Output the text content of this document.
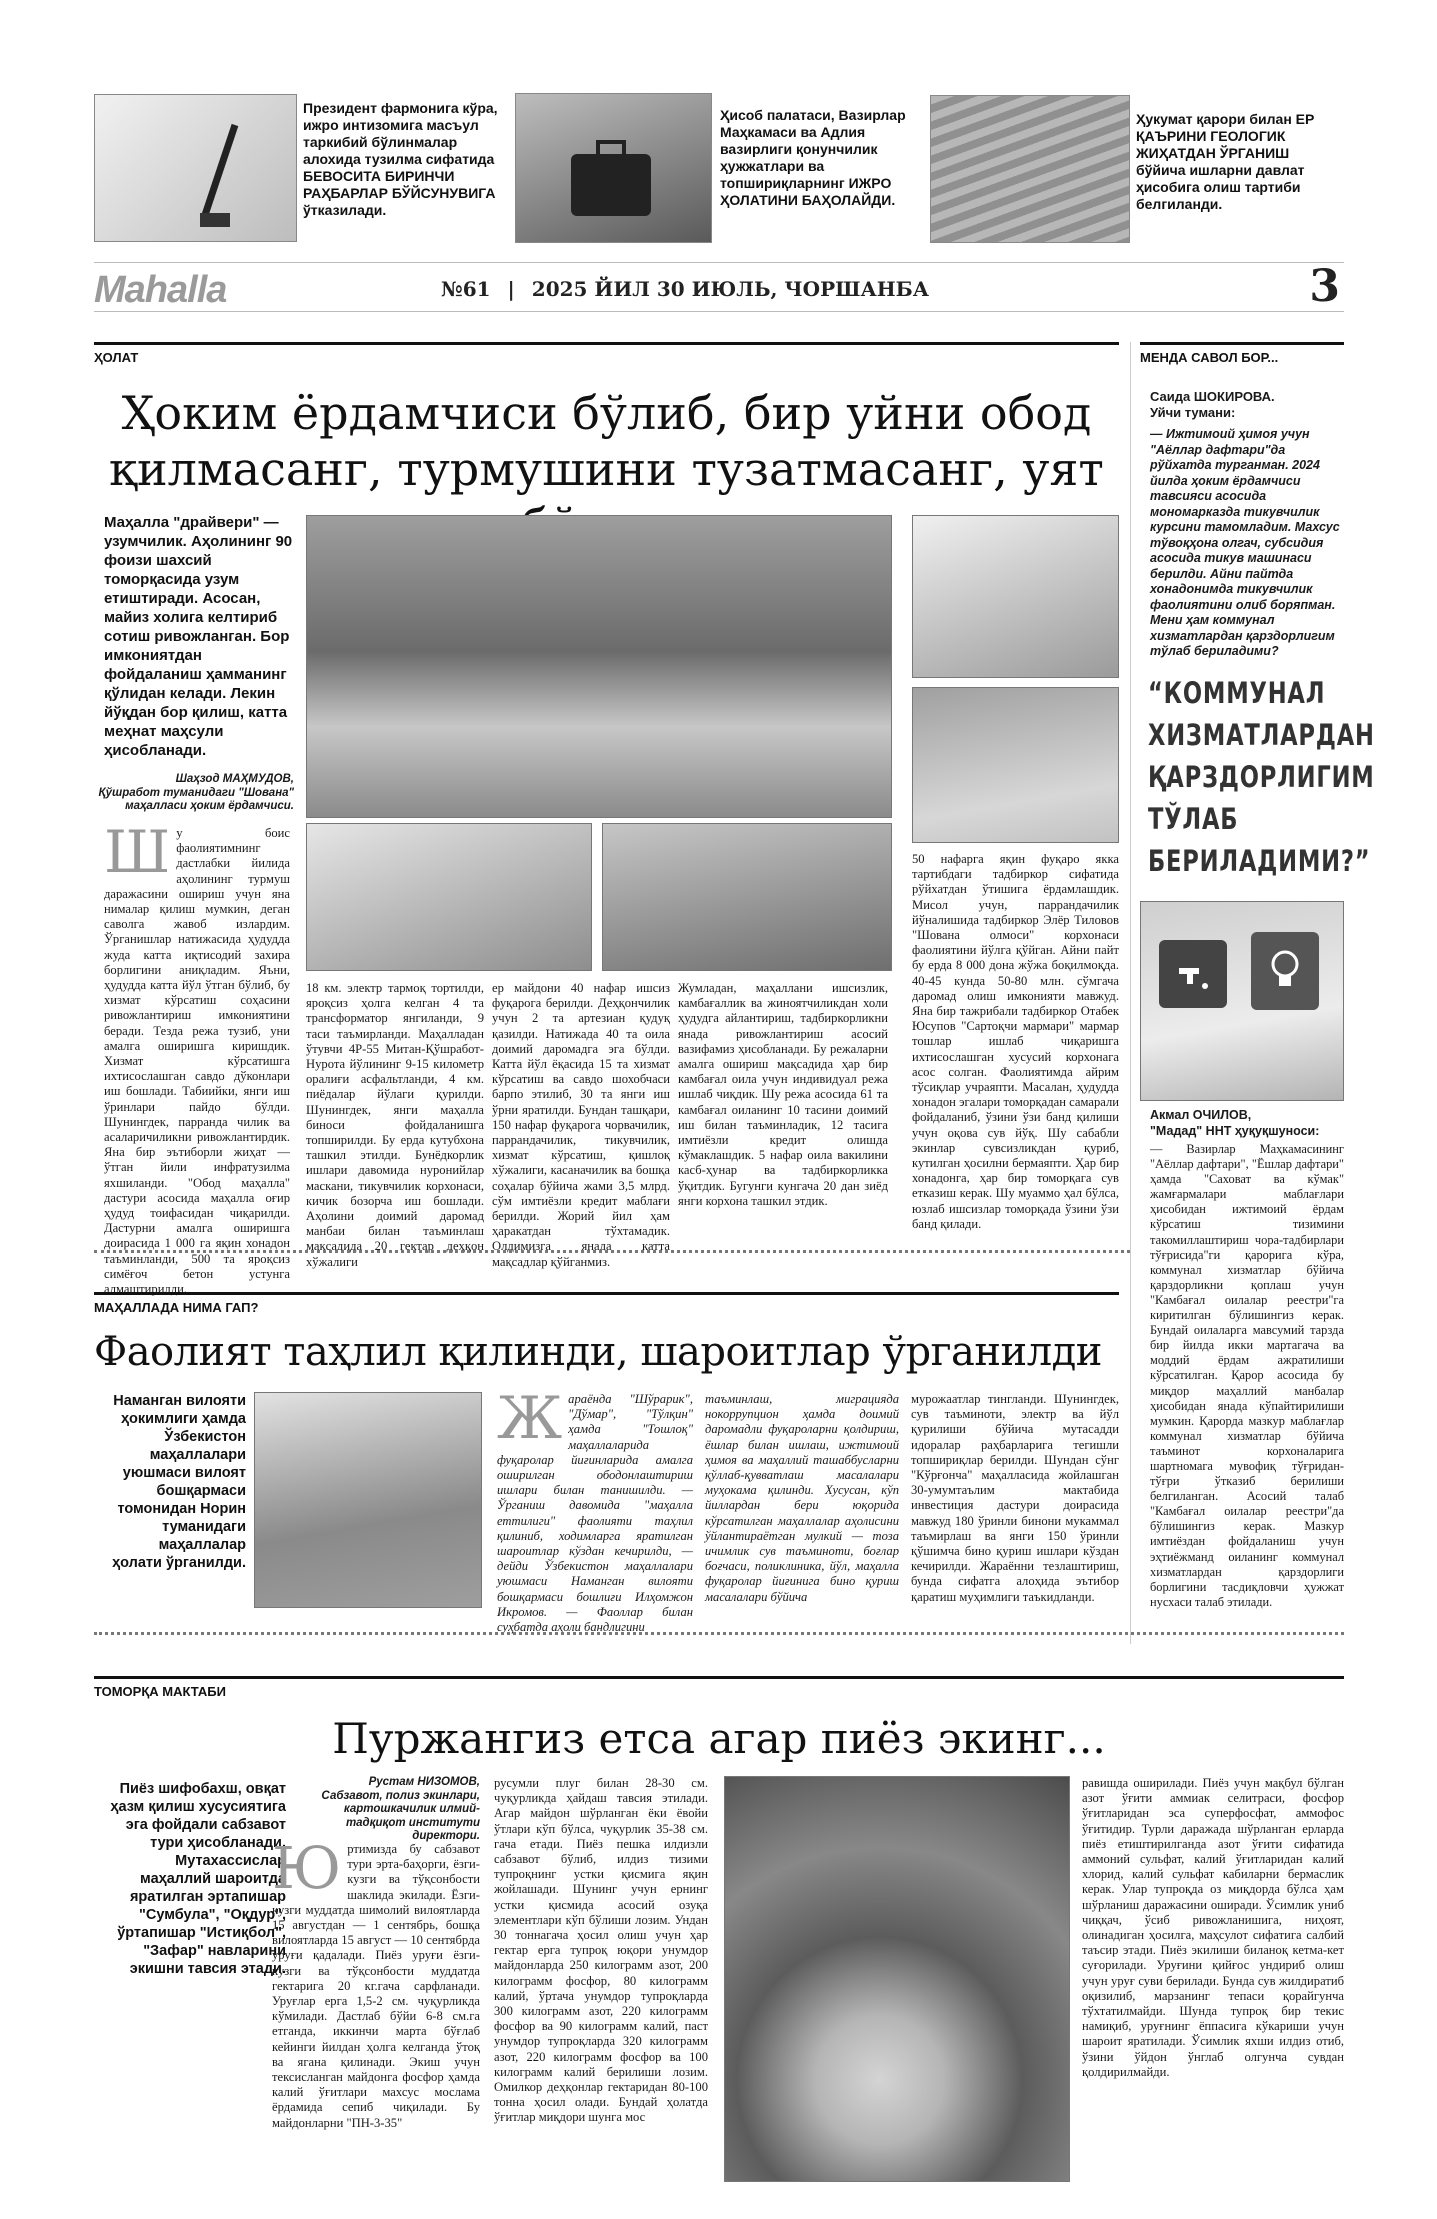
Президент фармонига кўра, ижро интизомига масъул таркибий бўлинмалар алохида тузилма сифатида БЕВОСИТА БИРИНЧИ РАҲБАРЛАР БЎЙСУНУВИГА ўтказилади.
Ҳисоб палатаси, Вазирлар Маҳкамаси ва Адлия вазирлиги қонунчилик ҳужжатлари ва топшириқларнинг ИЖРО ҲОЛАТИНИ БАҲОЛАЙДИ.
Ҳукумат қарори билан ЕР ҚАЪРИНИ ГЕОЛОГИК ЖИҲАТДАН ЎРГАНИШ бўйича ишларни давлат ҳисобига олиш тартиби белгиланди.
Mahalla	№61 | 2025 ЙИЛ 30 ИЮЛЬ, ЧОРШАНБА	3
ҲОЛАТ
Ҳоким ёрдамчиси бўлиб, бир уйни обод
қилмасанг, турмушини тузатмасанг, уят
Маҳалла "драйвери" — узумчилик. Аҳолининг 90 фоизи шахсий томорқасида узум етиштиради. Асосан, майиз холига келтириб сотиш ривожланган. Бор имкониятдан фойдаланиш ҳамманинг қўлидан келади. Лекин йўқдан бор қилиш, катта меҳнат маҳсули ҳисобланади.
Шаҳзод МАҲМУДОВ,
Қўшработ туманидаги "Шована" маҳалласи ҳоким ёрдамчиси.
Шу боис фаолиятимнинг дастлабки йилида аҳолининг турмуш даражасини ошириш учун яна нималар қилиш мумкин, деган саволга жавоб излардим. Ўрганишлар натижасида ҳудудда жуда катта иқтисодий захира борлигини аниқладим. Яъни, ҳудудда катта йўл ўтган бўлиб, бу хизмат кўрсатиш соҳасини ривожлантириш имкониятини беради. Тезда режа тузиб, уни амалга оширишга киришдик. Хизмат кўрсатишга ихтисослашган савдо дўконлари иш бошлади. Табиийки, янги иш ўринлари пайдо бўлди. Шунингдек, парранда чилик ва асаларичиликни ривожлантирдик. Яна бир эътиборли жиҳат — ўтган йили инфратузилма яхшиланди. "Обод маҳалла" дастури асосида маҳалла оғир ҳудуд тоифасидан чиқарилди. Дастурни амалга оширишга доирасида 1 000 га яқин хонадон таъминланди, 500 та яроқсиз симёғоч бетон устунга алмаштирилди.
18 км. электр тармоқ тортилди, яроқсиз ҳолга келган 4 та трансформатор янгиланди, 9 таси таъмирланди. Маҳалладан ўтувчи 4Р-55 Митан-Қўшработ-Нурота йўлининг 9-15 километр оралиғи асфальтланди, 4 км. пиёдалар йўлаги қурилди. Шунингдек, янги маҳалла биноси фойдаланишга топширилди. Бу ерда кутубхона ташкил этилди. Бунёдкорлик ишлари давомида нуронийлар маскани, тикувчилик корхонаси, кичик бозорча иш бошлади. Аҳолини доимий даромад манбаи билан таъминлаш мақсадида 20 гектар деҳқон хўжалиги
ер майдони 40 нафар ишсиз фуқарога берилди. Деҳқончилик учун 2 та артезиан қудуқ қазилди. Натижада 40 та оила доимий даромадга эга бўлди. Катта йўл ёқасида 15 та хизмат кўрсатиш ва савдо шохобчаси барпо этилиб, 30 та янги иш ўрни яратилди. Бундан ташқари, 150 нафар фуқарога чорвачилик, паррандачилик, тикувчилик, хизмат кўрсатиш, қишлоқ хўжалиги, касаначилик ва бошқа соҳалар бўйича жами 3,5 млрд. сўм имтиёзли кредит маблағи берилди. Жорий йил ҳам ҳаракатдан тўхтамадик. Олдимизга янада катта мақсадлар қўйганмиз.
Жумладан, маҳаллани ишсизлик, камбағаллик ва жиноятчиликдан холи ҳудудга айлантириш, тадбиркорликни янада ривожлантириш асосий вазифамиз ҳисобланади. Бу режаларни амалга ошириш мақсадида ҳар бир камбағал оила учун индивидуал режа ишлаб чиқдик. Шу режа асосида 61 та камбағал оиланинг 10 тасини доимий иш билан таъминладик, 12 тасига имтиёзли кредит олишда кўмаклашдик. 5 нафар оила вакилини касб-ҳунар ва тадбиркорликка ўқитдик. Бугунги кунгача 20 дан зиёд янги корхона ташкил этдик.
50 нафарга яқин фуқаро якка тартибдаги тадбиркор сифатида рўйхатдан ўтишига ёрдамлашдик. Мисол учун, паррандачилик йўналишида тадбиркор Элёр Тиловов "Шована олмоси" корхонаси фаолиятини йўлга қўйган. Айни пайт бу ерда 8 000 дона жўжа боқилмоқда. 40-45 кунда 50-80 млн. сўмгача даромад олиш имконияти мавжуд. Яна бир тажрибали тадбиркор Отабек Юсупов "Сартоқчи мармари" мармар тошлар ишлаб чиқаришга ихтисослашган хусусий корхонага асос солган. Фаолиятимда айрим тўсиқлар учраяпти. Масалан, ҳудудда хонадон эгалари томорқадан самарали фойдаланиб, ўзини ўзи банд қилиши учун оқова сув йўқ. Шу сабабли экинлар сувсизликдан қуриб, кутилган ҳосилни бермаяпти. Ҳар бир хонадонга, ҳар бир томорқага сув етказиш керак. Шу муаммо ҳал бўлса, юзлаб ишсизлар томорқада ўзини ўзи банд қилади.
МЕНДА САВОЛ БОР...
Саида ШОКИРОВА.
Уйчи тумани:
— Ижтимоий ҳимоя учун "Аёллар дафтари"да рўйхатда турганман. 2024 йилда ҳоким ёрдамчиси тавсияси асосида мономарказда тикувчилик курсини тамомладим. Махсус тўвоқҳона олгач, субсидия асосида тикув машинаси берилди. Айни пайтда хонадонимда тикувчилик фаолиятини олиб боряпман. Мени ҳам коммунал хизматлардан қарздорлигим тўлаб бериладими?
“КОММУНАЛ ХИЗМАТЛАРДАН ҚАРЗДОРЛИГИМ ТЎЛАБ БЕРИЛАДИМИ?”
Акмал ОЧИЛОВ,
"Мадад" ННТ ҳуқуқшуноси:
— Вазирлар Маҳкамасининг "Аёллар дафтари", "Ёшлар дафтари" ҳамда "Саховат ва кўмак" жамғармалари маблағлари ҳисобидан ижтимоий ёрдам кўрсатиш тизимини такомиллаштириш чора-тадбирлари тўғрисида"ги қарорига кўра, коммунал хизматлар бўйича қарздорликни қоплаш учун "Камбағал оилалар реестри"га киритилган бўлишингиз керак. Бундай оилаларга мавсумий тарзда бир йилда икки мартагача ва моддий ёрдам ажратилиши кўрсатилган. Қарор асосида бу миқдор маҳаллий манбалар ҳисобидан янада кўпайтирилиши мумкин. Қарорда мазкур маблағлар коммунал хизматлар бўйича таъминот корхоналарига шартномага мувофиқ тўғридан-тўғри ўтказиб берилиши белгиланган. Асосий талаб "Камбағал оилалар реестри"да бўлишингиз керак. Мазкур имтиёздан фойдаланиш учун эҳтиёжманд оиланинг коммунал хизматлардан қарздорлиги борлигини тасдиқловчи ҳужжат нусхаси талаб этилади.
МАҲАЛЛАДА НИМА ГАП?
Фаолият таҳлил қилинди, шароитлар ўрганилди
Наманган вилояти ҳокимлиги ҳамда Ўзбекистон маҳаллалари уюшмаси вилоят бошқармаси томонидан Норин туманидаги маҳаллалар ҳолати ўрганилди.
Жараёнда "Шўрарик", "Дўмар", "Тўлқин" ҳамда "Тошлоқ" маҳаллаларида фуқаролар йиғинларида амалга оширилган ободонлаштириш ишлари билан танишилди. — Ўрганиш давомида "маҳалла еттилиги" фаолияти таҳлил қилиниб, ходимларга яратилган шароитлар кўздан кечирилди, — дейди Ўзбекистон маҳаллалари уюшмаси Наманган вилояти бошқармаси бошлиғи Илҳомжон Икромов. — Фаоллар билан суҳбатда аҳоли бандлигини
таъминлаш, миграцияда нокоррупцион ҳамда доимий даромадли фуқароларни қолдириш, ёшлар билан ишлаш, ижтимоий ҳимоя ва маҳаллий ташаббусларни қўллаб-қувватлаш масалалари муҳокама қилинди. Хусусан, кўп йиллардан бери юқорида кўрсатилган маҳаллалар аҳолисини ўйлантираётган мулкий — тоза ичимлик сув таъминоти, боғлар боғчаси, поликлиника, йўл, маҳалла фуқаролар йиғинига бино қуриш масалалари бўйича
мурожаатлар тингланди. Шунингдек, сув таъминоти, электр ва йўл қурилиши бўйича мутасадди идоралар раҳбарларига тегишли топшириқлар берилди. Шундан сўнг "Кўрғонча" маҳалласида жойлашган 30-умумтаълим мактабида инвестиция дастури доирасида мавжуд 180 ўринли бинони мукаммал таъмирлаш ва янги 150 ўринли қўшимча бино қуриш ишлари кўздан кечирилди. Жараённи тезлаштириш, бунда сифатга алоҳида эътибор қаратиш муҳимлиги таъкидланди.
ТОМОРҚА МАКТАБИ
Пуржангиз етса агар пиёз экинг...
Пиёз шифобахш, овқат ҳазм қилиш хусусиятига эга фойдали сабзавот тури ҳисобланади. Мутахассислар маҳаллий шароитда яратилган эртапишар "Сумбула", "Оқдур", ўртапишар "Истиқбол", "Зафар" навларини экишни тавсия этади.
Рустам НИЗОМОВ,
Сабзавот, полиз экинлари, картошкачилик илмий-тадқиқот институти директори.
Юртимизда бу сабзавот тури эрта-баҳорги, ёзги-кузги ва тўқсонбости шаклида экилади. Ёзги-кузги муддатда шимолий вилоятларда 15 августдан — 1 сентябрь, бошқа вилоятларда 15 август — 10 сентябрда уруғи қадалади. Пиёз уруғи ёзги-кузги ва тўқсонбости муддатда гектарига 20 кг.гача сарфланади. Уруғлар ерга 1,5-2 см. чуқурликда кўмилади. Дастлаб бўйи 6-8 см.га етганда, иккинчи марта бўғлаб кейинги йилдан ҳолга келганда ўтоқ ва ягана қилинади. Экиш учун тексисланган майдонга фосфор ҳамда калий ўғитлари махсус мослама ёрдамида сепиб чиқилади. Бу майдонларни "ПН-3-35"
русумли плуг билан 28-30 см. чуқурликда ҳайдаш тавсия этилади. Агар майдон шўрланган ёки ёвойи ўтлари кўп бўлса, чуқурлик 35-38 см. гача етади. Пиёз пешка илдизли сабзавот бўлиб, илдиз тизими тупроқнинг устки қисмига яқин жойлашади. Шунинг учун ернинг устки қисмида асосий озуқа элементлари кўп бўлиши лозим. Ундан 30 тоннагача ҳосил олиш учун ҳар гектар ерга тупроқ юқори унумдор майдонларда 250 килограмм азот, 200 килограмм фосфор, 80 килограмм калий, ўртача унумдор тупроқларда 300 килограмм азот, 220 килограмм фосфор ва 90 килограмм калий, паст унумдор тупроқларда 320 килограмм азот, 220 килограмм фосфор ва 100 килограмм калий берилиши лозим. Омилкор деҳқонлар гектаридан 80-100 тонна ҳосил олади. Бундай ҳолатда ўғитлар миқдори шунга мос
равишда оширилади. Пиёз учун мақбул бўлган азот ўғити аммиак селитраси, фосфор ўғитларидан эса суперфосфат, аммофос ўғитидир. Турли даражада шўрланган ерларда пиёз етиштирилганда азот ўғити сифатида аммоний сульфат, калий ўғитларидан калий хлорид, калий сульфат кабиларни бермаслик керак. Улар тупроқда оз миқдорда бўлса ҳам шўрланиш даражасини оширади. Ўсимлик униб чиққач, ўсиб ривожланишига, ниҳоят, олинадиган ҳосилга, маҳсулот сифатига салбий таъсир этади. Пиёз экилиши биланоқ кетма-кет суғорилади. Уруғини қийғос ундириб олиш учун уруғ суви берилади. Бунда сув жилдиратиб оқизилиб, марзанинг тепаси қорайгунча тўхтатилмайди. Шунда тупроқ бир текис намиқиб, уруғнинг ёппасига кўкариши учун шароит яратилади. Ўсимлик яхши илдиз отиб, ўзини ўйдон ўнглаб олгунча сувдан қолдирилмайди.
